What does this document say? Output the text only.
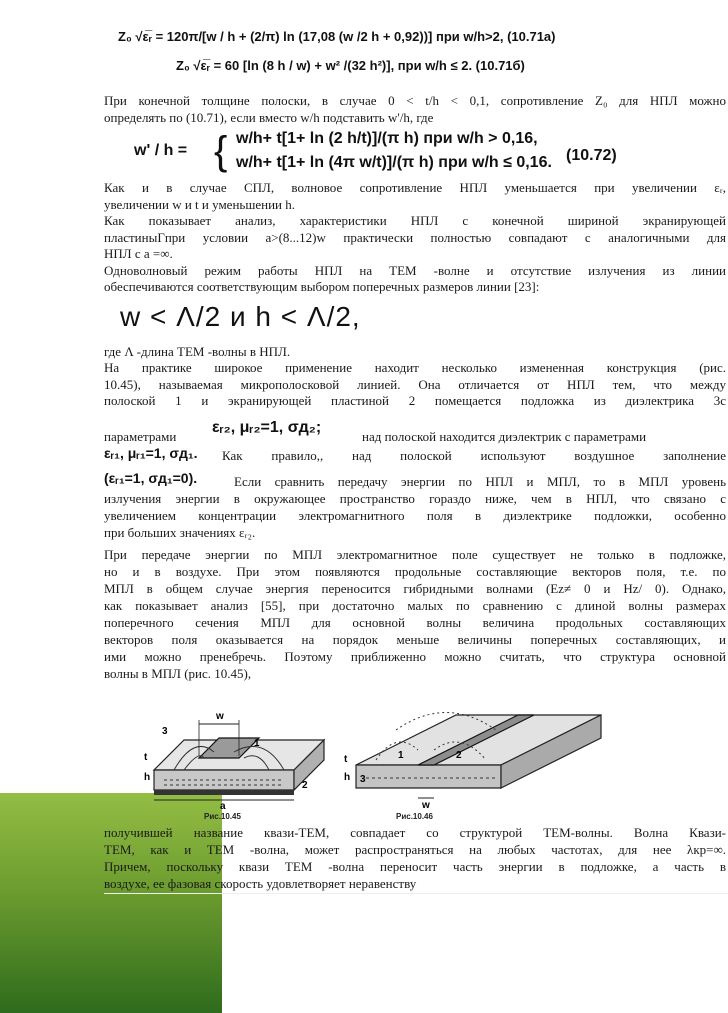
Z₀ √ε̅ᵣ = 120π/[w / h + (2/π) ln (17,08 (w /2 h + 0,92))] при w/h>2, (10.71a)

Z₀ √ε̅ᵣ = 60 [ln (8 h / w) + w² /(32 h²)], при w/h ≤ 2. (10.71б)

При конечной толщине полоски, в случае 0 < t/h < 0,1, сопротивление Z₀ для НПЛ можно

определять по (10.71), если вместо w/h подставить w'/h, где

w' / h = { w/h+ t[1+ ln (2 h/t)]/(π h) при w/h > 0,16,

w/h+ t[1+ ln (4π w/t)]/(π h) при w/h ≤ 0,16. (10.72)

Как и в случае СПЛ, волновое сопротивление НПЛ уменьшается при увеличении εᵣ,

увеличении w и t и уменьшении h.

Как показывает анализ, характеристики НПЛ с конечной шириной экранирующей

пластиныГпри условии a>(8...12)w практически полностью совпадают с аналогичными для

НПЛ с a =∞.

Одноволновый режим работы НПЛ на ТЕМ -волне и отсутствие излучения из линии

обеспечиваются соответствующим выбором поперечных размеров линии [23]:

w < Λ/2 и h < Λ/2,

где Λ -длина ТЕМ -волны в НПЛ.

На практике широкое применение находит несколько измененная конструкция (рис.

10.45), называемая микрополосковой линией. Она отличается от НПЛ тем, что между

полоской 1 и экранирующей пластиной 2 помещается подложка из диэлектрика 3с

параметрами

εᵣ₂, μᵣ₂=1, σд₂;

над полоской находится диэлектрик с параметрами

εᵣ₁, μᵣ₁=1, σд₁. Как правило,, над полоской используют воздушное заполнение

(εᵣ₁=1, σд₁=0).	Если сравнить передачу энергии по НПЛ и МПЛ, то в МПЛ уровень

излучения энергии в окружающее пространство гораздо ниже, чем в НПЛ, что связано с

увеличением концентрации электромагнитного поля в диэлектрике подложки, особенно

при больших значениях εᵣ₂.

При передаче энергии по МПЛ электромагнитное поле существует не только в подложке,

но и в воздухе. При этом появляются продольные составляющие векторов поля, т.е. по

МПЛ в общем случае энергия переносится гибридными волнами (Ez≠ 0 и Hz/ 0). Однако,

как показывает анализ [55], при достаточно малых по сравнению с длиной волны размерах

поперечного сечения МПЛ для основной волны величина продольных составляющих

векторов поля оказывается на порядок меньше величины поперечных составляющих, и

ими можно пренебречь. Поэтому приближенно можно считать, что структура основной

волны в МПЛ (рис. 10.45),

w
3
1
t
h
2
a
Рис.10.45
1	2
t
h 3
w
Рис.10.46

получившей название квази-ТЕМ, совпадает со структурой ТЕМ-волны. Волна Квази-

ТЕМ, как и ТЕМ -волна, может распространяться на любых частотах, для нее λкр=∞.

Причем, поскольку квази ТЕМ -волна переносит часть энергии в подложке, а часть в

воздухе, ее фазовая скорость удовлетворяет неравенству
